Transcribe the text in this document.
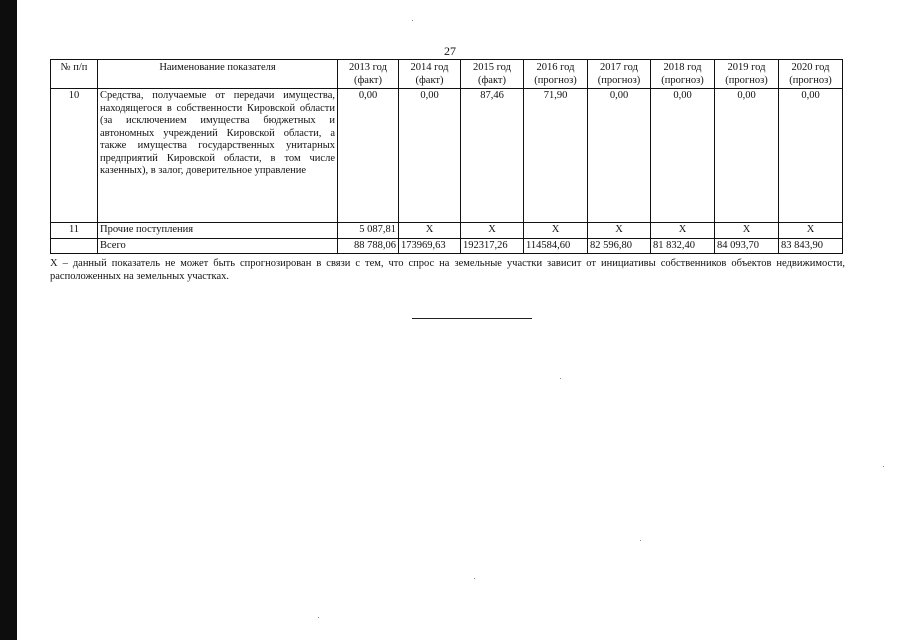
27
№ п/п	Наименование показателя	2013 год (факт)	2014 год (факт)	2015 год (факт)	2016 год (прогноз)	2017 год (прогноз)	2018 год (прогноз)	2019 год (прогноз)	2020 год (прогноз)
10	Средства, получаемые от передачи имущества, находящегося в собственности Кировской области (за исключением имущества бюджетных и автономных учреждений Кировской области, а также имущества государственных унитарных предприятий Кировской области, в том числе казенных), в залог, доверительное управление	0,00	0,00	87,46	71,90	0,00	0,00	0,00	0,00
11	Прочие поступления	5 087,81	X	X	X	X	X	X	X
	Всего	88 788,06	173969,63	192317,26	114584,60	82 596,80	81 832,40	84 093,70	83 843,90
X – данный показатель не может быть спрогнозирован в связи с тем, что спрос на земельные участки зависит от инициативы собственников объектов недвижимости, расположенных на земельных участках.
